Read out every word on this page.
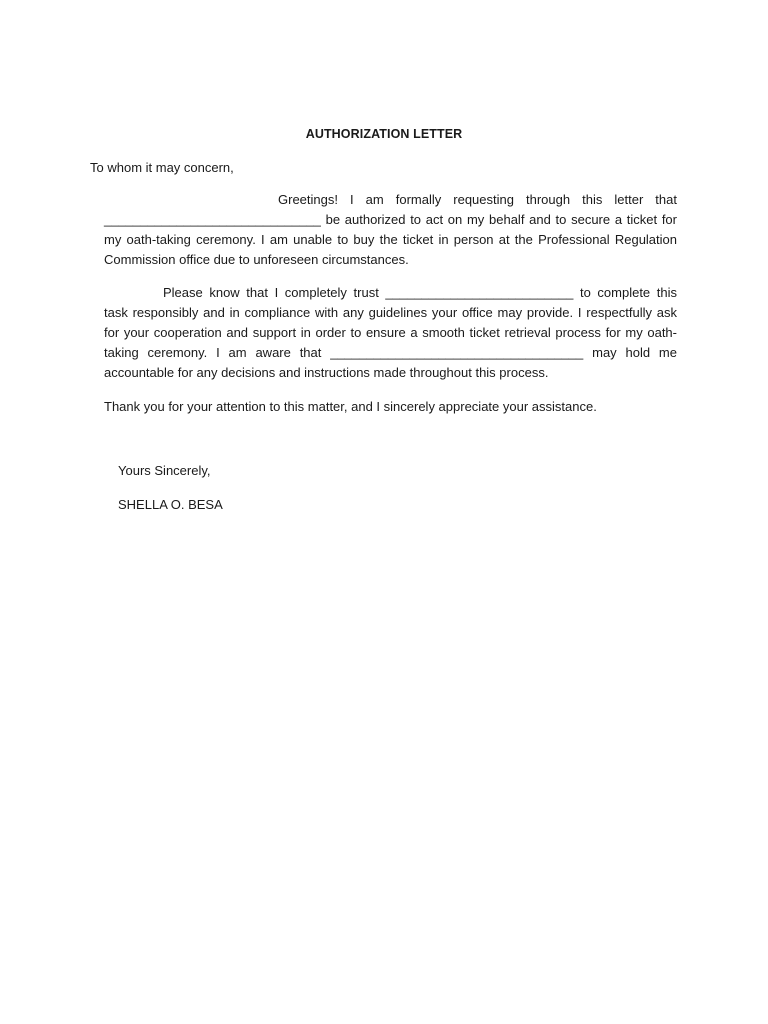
AUTHORIZATION LETTER

To whom it may concern,

Greetings! I am formally requesting through this letter that ______________________________ be authorized to act on my behalf and to secure a ticket for my oath-taking ceremony. I am unable to buy the ticket in person at the Professional Regulation Commission office due to unforeseen circumstances.

Please know that I completely trust __________________________ to complete this task responsibly and in compliance with any guidelines your office may provide. I respectfully ask for your cooperation and support in order to ensure a smooth ticket retrieval process for my oath-taking ceremony. I am aware that ___________________________________ may hold me accountable for any decisions and instructions made throughout this process.

Thank you for your attention to this matter, and I sincerely appreciate your assistance.

Yours Sincerely,

SHELLA O. BESA
